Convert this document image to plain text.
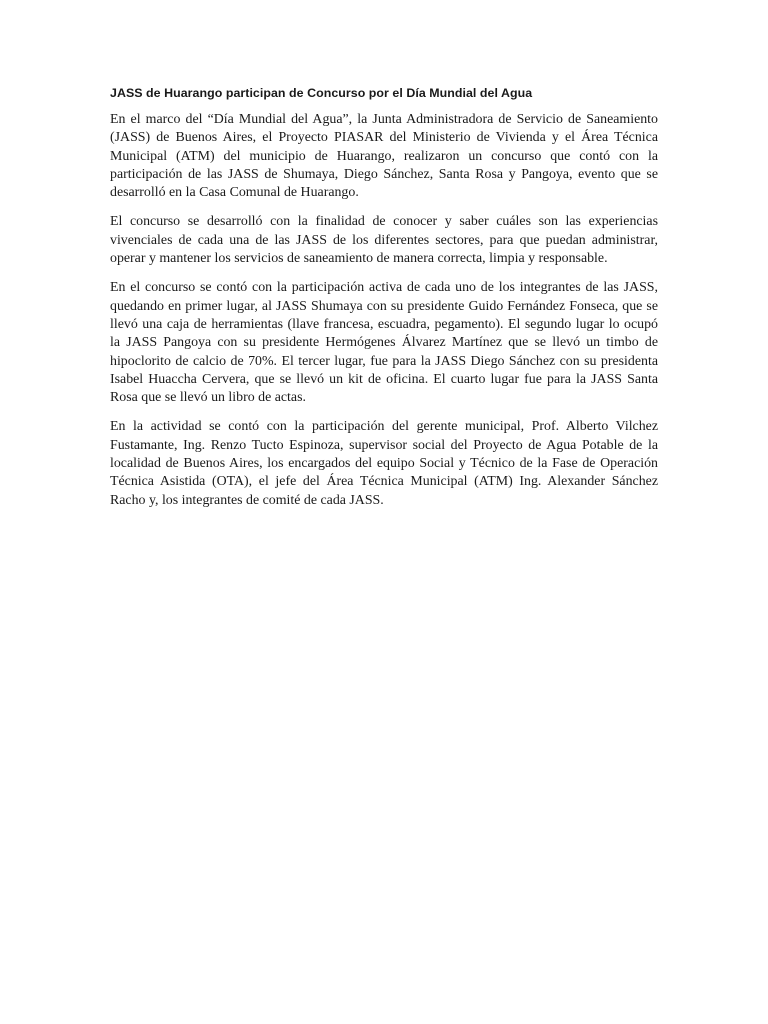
JASS de Huarango participan de Concurso por el Día Mundial del Agua

En el marco del “Día Mundial del Agua”, la Junta Administradora de Servicio de Saneamiento (JASS) de Buenos Aires, el Proyecto PIASAR del Ministerio de Vivienda y el Área Técnica Municipal (ATM) del municipio de Huarango, realizaron un concurso que contó con la participación de las JASS de Shumaya, Diego Sánchez, Santa Rosa y Pangoya, evento que se desarrolló en la Casa Comunal de Huarango.

El concurso se desarrolló con la finalidad de conocer y saber cuáles son las experiencias vivenciales de cada una de las JASS de los diferentes sectores, para que puedan administrar, operar y mantener los servicios de saneamiento de manera correcta, limpia y responsable.

En el concurso se contó con la participación activa de cada uno de los integrantes de las JASS, quedando en primer lugar, al JASS Shumaya con su presidente Guido Fernández Fonseca, que se llevó una caja de herramientas (llave francesa, escuadra, pegamento). El segundo lugar lo ocupó la JASS Pangoya con su presidente Hermógenes Álvarez Martínez que se llevó un timbo de hipoclorito de calcio de 70%. El tercer lugar, fue para la JASS Diego Sánchez con su presidenta Isabel Huaccha Cervera, que se llevó un kit de oficina. El cuarto lugar fue para la JASS Santa Rosa que se llevó un libro de actas.

En la actividad se contó con la participación del gerente municipal, Prof. Alberto Vilchez Fustamante, Ing. Renzo Tucto Espinoza, supervisor social del Proyecto de Agua Potable de la localidad de Buenos Aires, los encargados del equipo Social y Técnico de la Fase de Operación Técnica Asistida (OTA), el jefe del Área Técnica Municipal (ATM) Ing. Alexander Sánchez Racho y, los integrantes de comité de cada JASS.
